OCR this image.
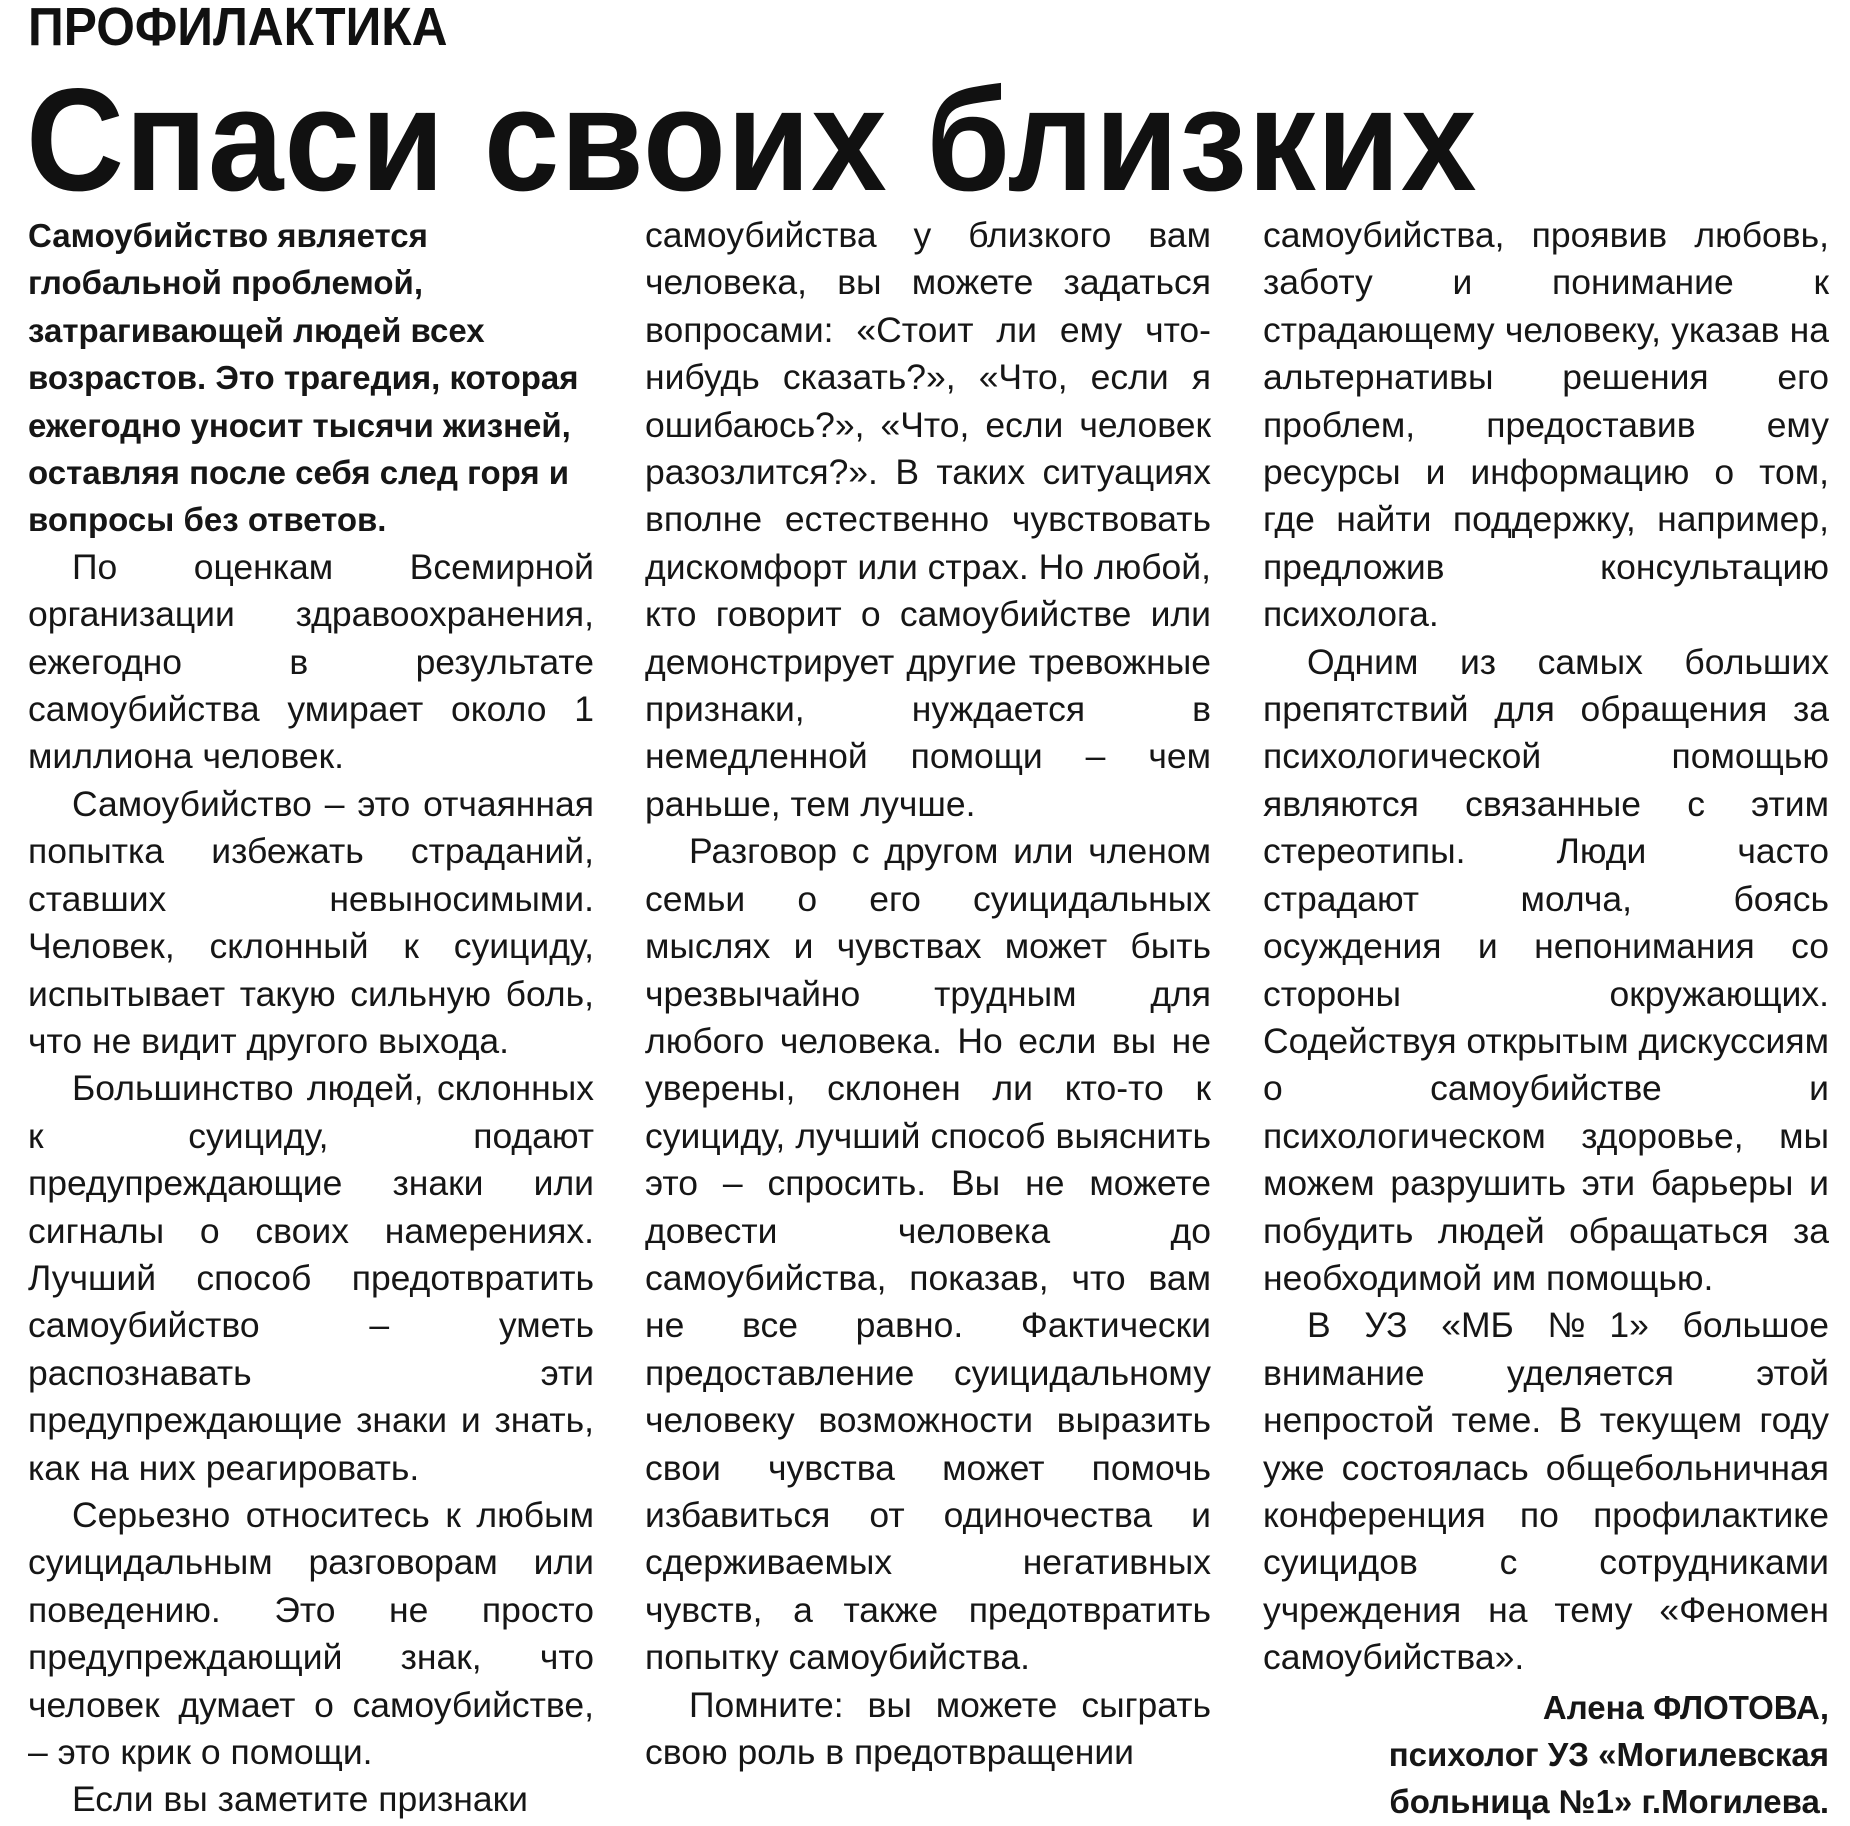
ПРОФИЛАКТИКА
Спаси своих близких

Самоубийство является глобальной проблемой, затрагивающей людей всех возрастов. Это трагедия, которая ежегодно уносит тысячи жизней, оставляя после себя след горя и вопросы без ответов.

По оценкам Всемирной организации здравоохранения, ежегодно в результате самоубийства умирает около 1 миллиона человек.

Самоубийство – это отчаянная попытка избежать страданий, ставших невыносимыми. Человек, склонный к суициду, испытывает такую сильную боль, что не видит другого выхода.

Большинство людей, склонных к суициду, подают предупреждающие знаки или сигналы о своих намерениях. Лучший способ предотвратить самоубийство – уметь распознавать эти предупреждающие знаки и знать, как на них реагировать.

Серьезно относитесь к любым суицидальным разговорам или поведению. Это не просто предупреждающий знак, что человек думает о самоубийстве, – это крик о помощи.

Если вы заметите признаки

самоубийства у близкого вам человека, вы можете задаться вопросами: «Стоит ли ему что-нибудь сказать?», «Что, если я ошибаюсь?», «Что, если человек разозлится?». В таких ситуациях вполне естественно чувствовать дискомфорт или страх. Но любой, кто говорит о самоубийстве или демонстрирует другие тревожные признаки, нуждается в немедленной помощи – чем раньше, тем лучше.

Разговор с другом или членом семьи о его суицидальных мыслях и чувствах может быть чрезвычайно трудным для любого человека. Но если вы не уверены, склонен ли кто-то к суициду, лучший способ выяснить это – спросить. Вы не можете довести человека до самоубийства, показав, что вам не все равно. Фактически предоставление суицидальному человеку возможности выразить свои чувства может помочь избавиться от одиночества и сдерживаемых негативных чувств, а также предотвратить попытку самоубийства.

Помните: вы можете сыграть свою роль в предотвращении

самоубийства, проявив любовь, заботу и понимание к страдающему человеку, указав на альтернативы решения его проблем, предоставив ему ресурсы и информацию о том, где найти поддержку, например, предложив консультацию психолога.

Одним из самых больших препятствий для обращения за психологической помощью являются связанные с этим стереотипы. Люди часто страдают молча, боясь осуждения и непонимания со стороны окружающих. Содействуя открытым дискуссиям о самоубийстве и психологическом здоровье, мы можем разрушить эти барьеры и побудить людей обращаться за необходимой им помощью.

В УЗ «МБ №1» большое внимание уделяется этой непростой теме. В текущем году уже состоялась общебольничная конференция по профилактике суицидов с сотрудниками учреждения на тему «Феномен самоубийства».

Алена ФЛОТОВА,
психолог УЗ «Могилевская
больница №1» г.Могилева.
